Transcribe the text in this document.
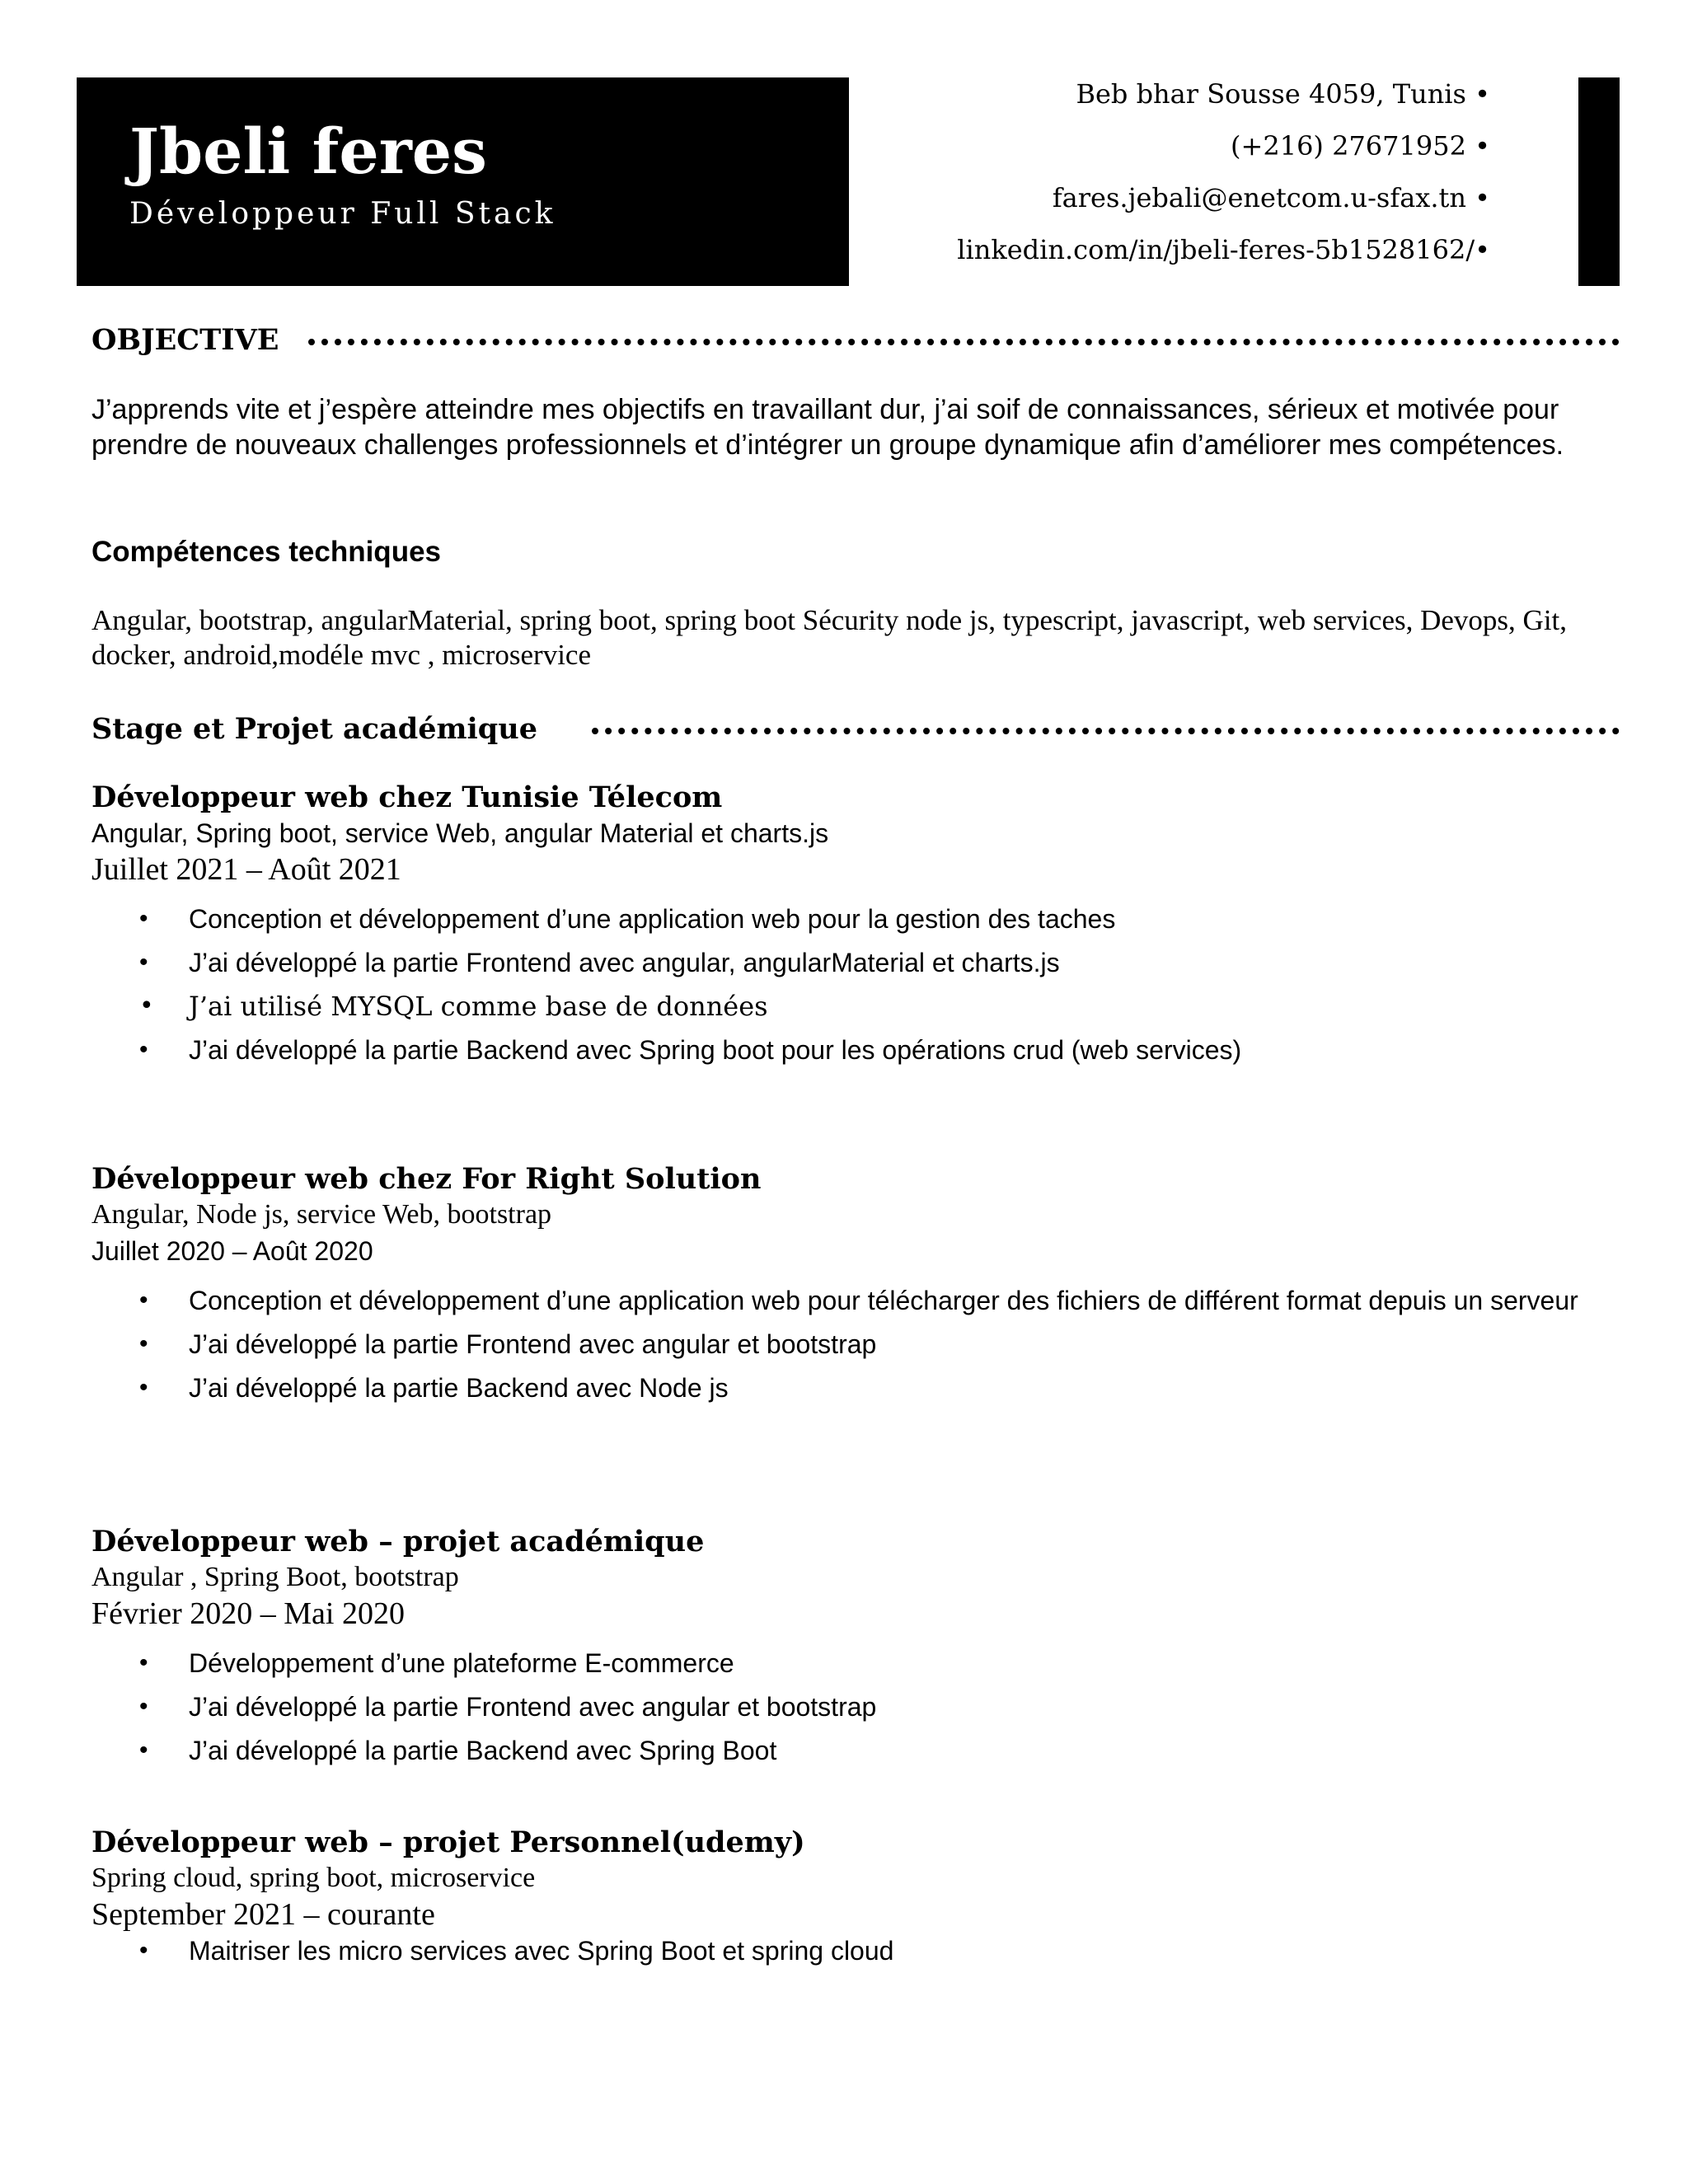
Jbeli feres
Développeur Full Stack
Beb bhar Sousse 4059, Tunis •
(+216) 27671952 •
fares.jebali@enetcom.u-sfax.tn •
linkedin.com/in/jbeli-feres-5b1528162/•
OBJECTIVE
J’apprends vite et j’espère atteindre mes objectifs en travaillant dur, j’ai soif de connaissances, sérieux et motivée pour prendre de nouveaux challenges professionnels et d’intégrer un groupe dynamique afin d’améliorer mes compétences.
Compétences techniques
Angular, bootstrap, angularMaterial, spring boot, spring boot Sécurity node js, typescript, javascript, web services, Devops, Git, docker, android,modéle mvc , microservice
Stage et Projet académique
Développeur web chez Tunisie Télecom
Angular, Spring boot, service Web, angular Material et charts.js
Juillet 2021 – Août 2021
• Conception et développement d’une application web pour la gestion des taches
• J’ai développé la partie Frontend avec angular, angularMaterial et charts.js
• J’ai utilisé MYSQL comme base de données
• J’ai développé la partie Backend avec Spring boot pour les opérations crud (web services)
Développeur web chez For Right Solution
Angular, Node js, service Web, bootstrap
Juillet 2020 – Août 2020
• Conception et développement d’une application web pour télécharger des fichiers de différent format depuis un serveur
• J’ai développé la partie Frontend avec angular et bootstrap
• J’ai développé la partie Backend avec Node js
Développeur web – projet académique
Angular , Spring Boot, bootstrap
Février 2020 – Mai 2020
• Développement d’une plateforme E-commerce
• J’ai développé la partie Frontend avec angular et bootstrap
• J’ai développé la partie Backend avec Spring Boot
Développeur web – projet Personnel(udemy)
Spring cloud, spring boot, microservice
September 2021 – courante
• Maitriser les micro services avec Spring Boot et spring cloud
